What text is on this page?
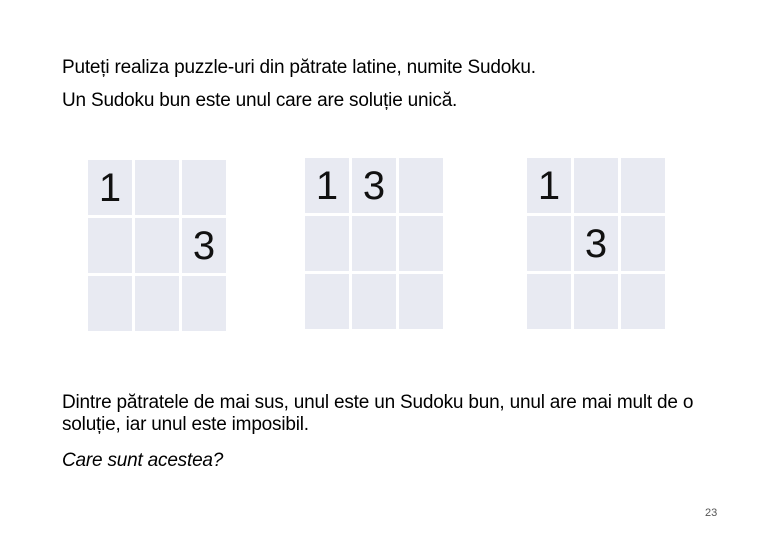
Puteți realiza puzzle-uri din pătrate latine, numite Sudoku.
Un Sudoku bun este unul care are soluție unică.
1
3
1 3	1
3
Dintre pătratele de mai sus, unul este un Sudoku bun, unul are mai mult de o soluție, iar unul este imposibil.
Care sunt acestea?
23
